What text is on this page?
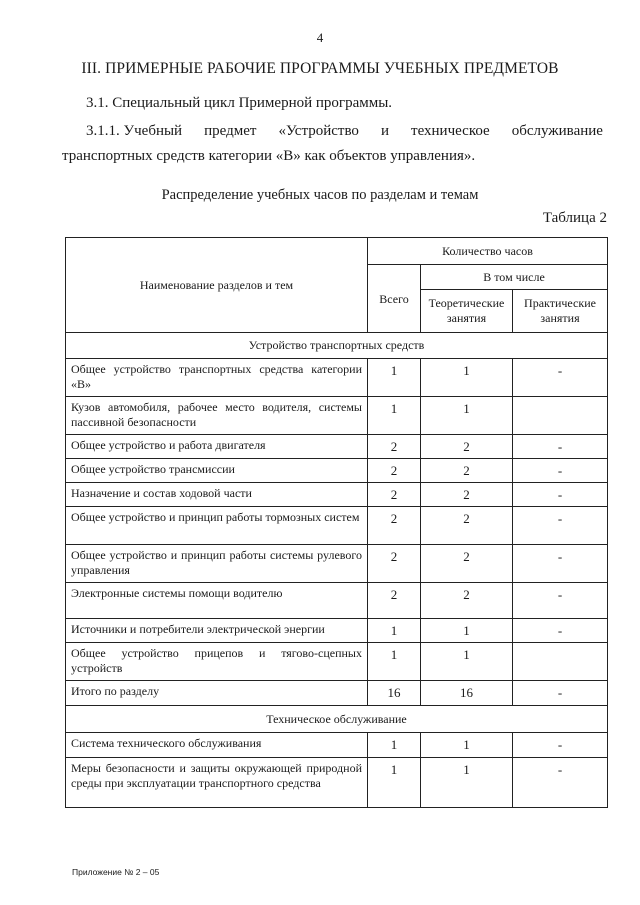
4
III. ПРИМЕРНЫЕ РАБОЧИЕ ПРОГРАММЫ УЧЕБНЫХ ПРЕДМЕТОВ
3.1. Специальный цикл Примерной программы.
3.1.1. Учебный предмет «Устройство и техническое обслуживание
транспортных средств категории «В» как объектов управления».
Распределение учебных часов по разделам и темам
Таблица 2
Наименование разделов и тем	Количество часов		
	Всего	В том числе	
		Теоретические занятия	Практические занятия
Устройство транспортных средств			
Общее устройство транспортных средства категории «В»	1	1	-
Кузов автомобиля, рабочее место водителя, системы пассивной безопасности	1	1	
Общее устройство и работа двигателя	2	2	-
Общее устройство трансмиссии	2	2	-
Назначение и состав ходовой части	2	2	-
Общее устройство и принцип работы тормозных систем	2	2	-
Общее устройство и принцип работы системы рулевого управления	2	2	-
Электронные системы помощи водителю	2	2	-
Источники и потребители электрической энергии	1	1	-
Общее устройство прицепов и тягово-сцепных устройств	1	1	
Итого по разделу	16	16	-
Техническое обслуживание			
Система технического обслуживания	1	1	-
Меры безопасности и защиты окружающей природной среды при эксплуатации транспортного средства	1	1	-
Приложение № 2 – 05
